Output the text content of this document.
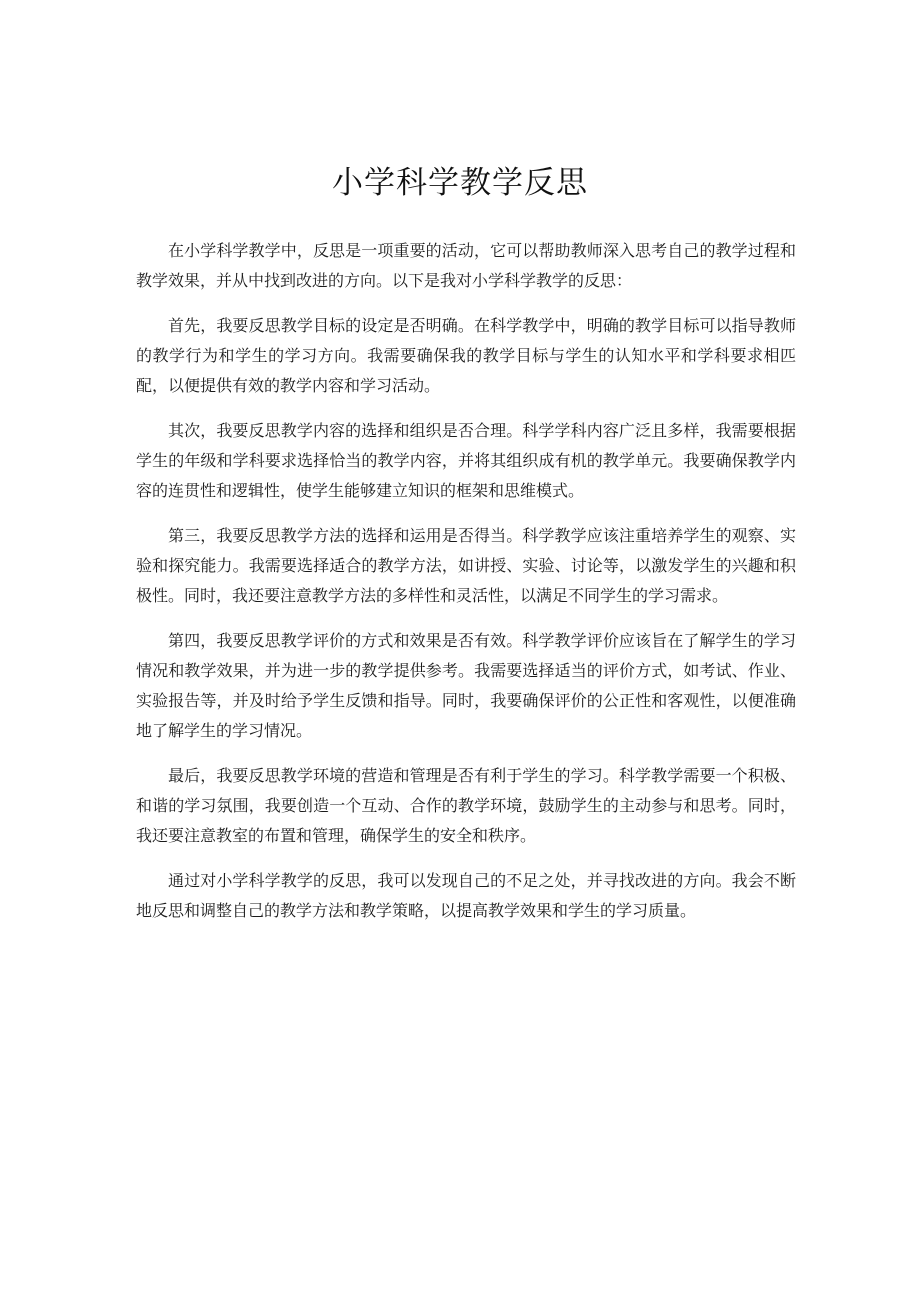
小学科学教学反思

在小学科学教学中，反思是一项重要的活动，它可以帮助教师深入思考自己的教学过程和教学效果，并从中找到改进的方向。以下是我对小学科学教学的反思：

首先，我要反思教学目标的设定是否明确。在科学教学中，明确的教学目标可以指导教师的教学行为和学生的学习方向。我需要确保我的教学目标与学生的认知水平和学科要求相匹配，以便提供有效的教学内容和学习活动。

其次，我要反思教学内容的选择和组织是否合理。科学学科内容广泛且多样，我需要根据学生的年级和学科要求选择恰当的教学内容，并将其组织成有机的教学单元。我要确保教学内容的连贯性和逻辑性，使学生能够建立知识的框架和思维模式。

第三，我要反思教学方法的选择和运用是否得当。科学教学应该注重培养学生的观察、实验和探究能力。我需要选择适合的教学方法，如讲授、实验、讨论等，以激发学生的兴趣和积极性。同时，我还要注意教学方法的多样性和灵活性，以满足不同学生的学习需求。

第四，我要反思教学评价的方式和效果是否有效。科学教学评价应该旨在了解学生的学习情况和教学效果，并为进一步的教学提供参考。我需要选择适当的评价方式，如考试、作业、实验报告等，并及时给予学生反馈和指导。同时，我要确保评价的公正性和客观性，以便准确地了解学生的学习情况。

最后，我要反思教学环境的营造和管理是否有利于学生的学习。科学教学需要一个积极、和谐的学习氛围，我要创造一个互动、合作的教学环境，鼓励学生的主动参与和思考。同时，我还要注意教室的布置和管理，确保学生的安全和秩序。

通过对小学科学教学的反思，我可以发现自己的不足之处，并寻找改进的方向。我会不断地反思和调整自己的教学方法和教学策略，以提高教学效果和学生的学习质量。
